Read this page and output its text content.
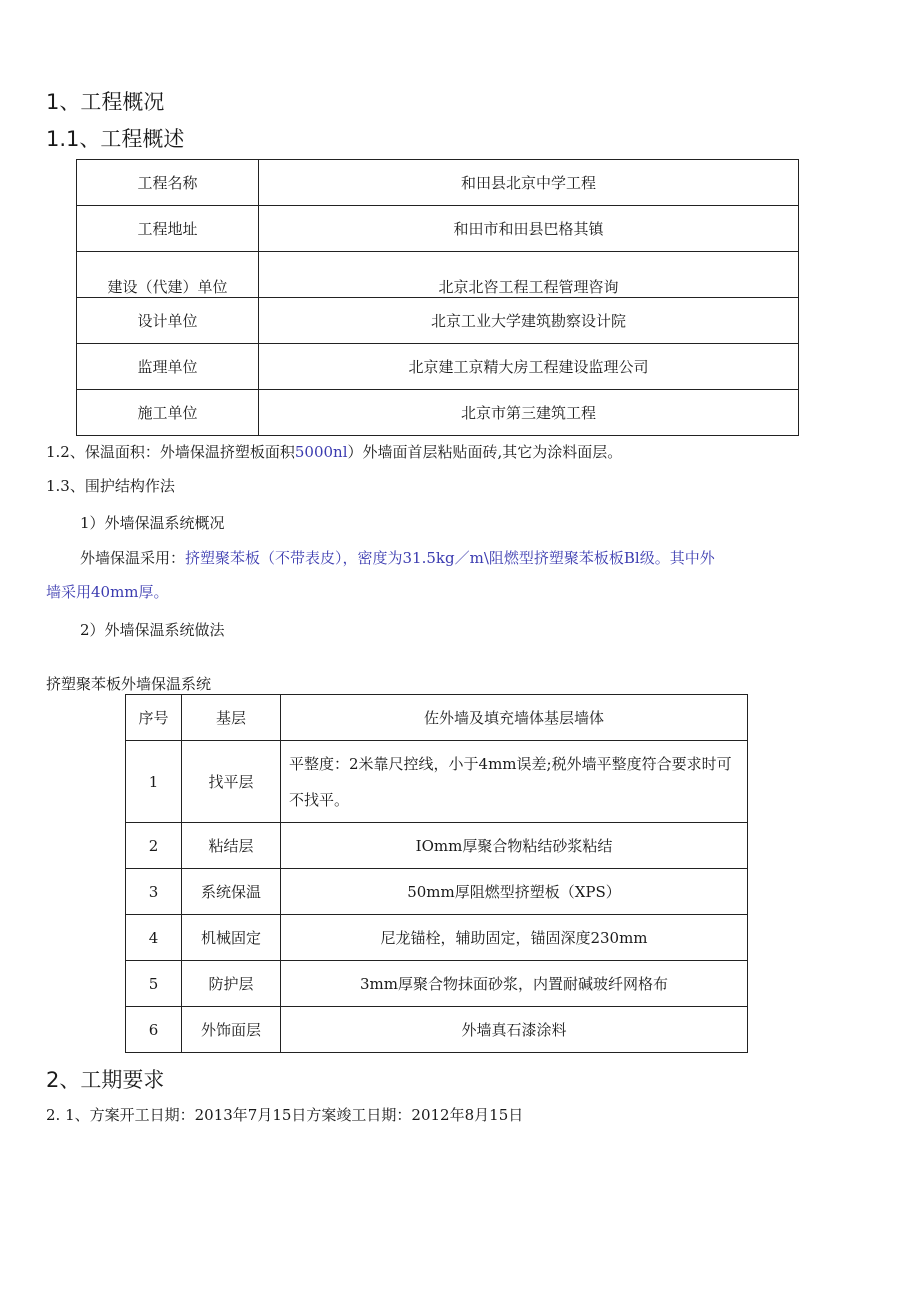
1、工程概况
1.1、工程概述
工程名称	和田县北京中学工程
工程地址	和田市和田县巴格其镇
建设（代建）单位	北京北咨工程工程管理咨询
设计单位	北京工业大学建筑勘察设计院
监理单位	北京建工京精大房工程建设监理公司
施工单位	北京市第三建筑工程
1.2、保温面积：外墙保温挤塑板面积5000nl）外墙面首层粘贴面砖,其它为涂料面层。
1.3、围护结构作法
1）外墙保温系统概况
外墙保温采用：挤塑聚苯板（不带表皮），密度为31.5kg／m\阻燃型挤塑聚苯板板Bl级。其中外
墙采用40mm厚。
2）外墙保温系统做法
挤塑聚苯板外墙保温系统
序号	基层	佐外墙及填充墙体基层墙体
1	找平层	平整度：2米靠尺控线，小于4mm误差;税外墙平整度符合要求时可不找平。
2	粘结层	IOmm厚聚合物粘结砂浆粘结
3	系统保温	50mm厚阻燃型挤塑板（XPS）
4	机械固定	尼龙锚栓，辅助固定，锚固深度230mm
5	防护层	3mm厚聚合物抹面砂浆，内置耐碱玻纤网格布
6	外饰面层	外墙真石漆涂料
2、工期要求
2. 1、方案开工日期：2013年7月15日方案竣工日期：2012年8月15日
